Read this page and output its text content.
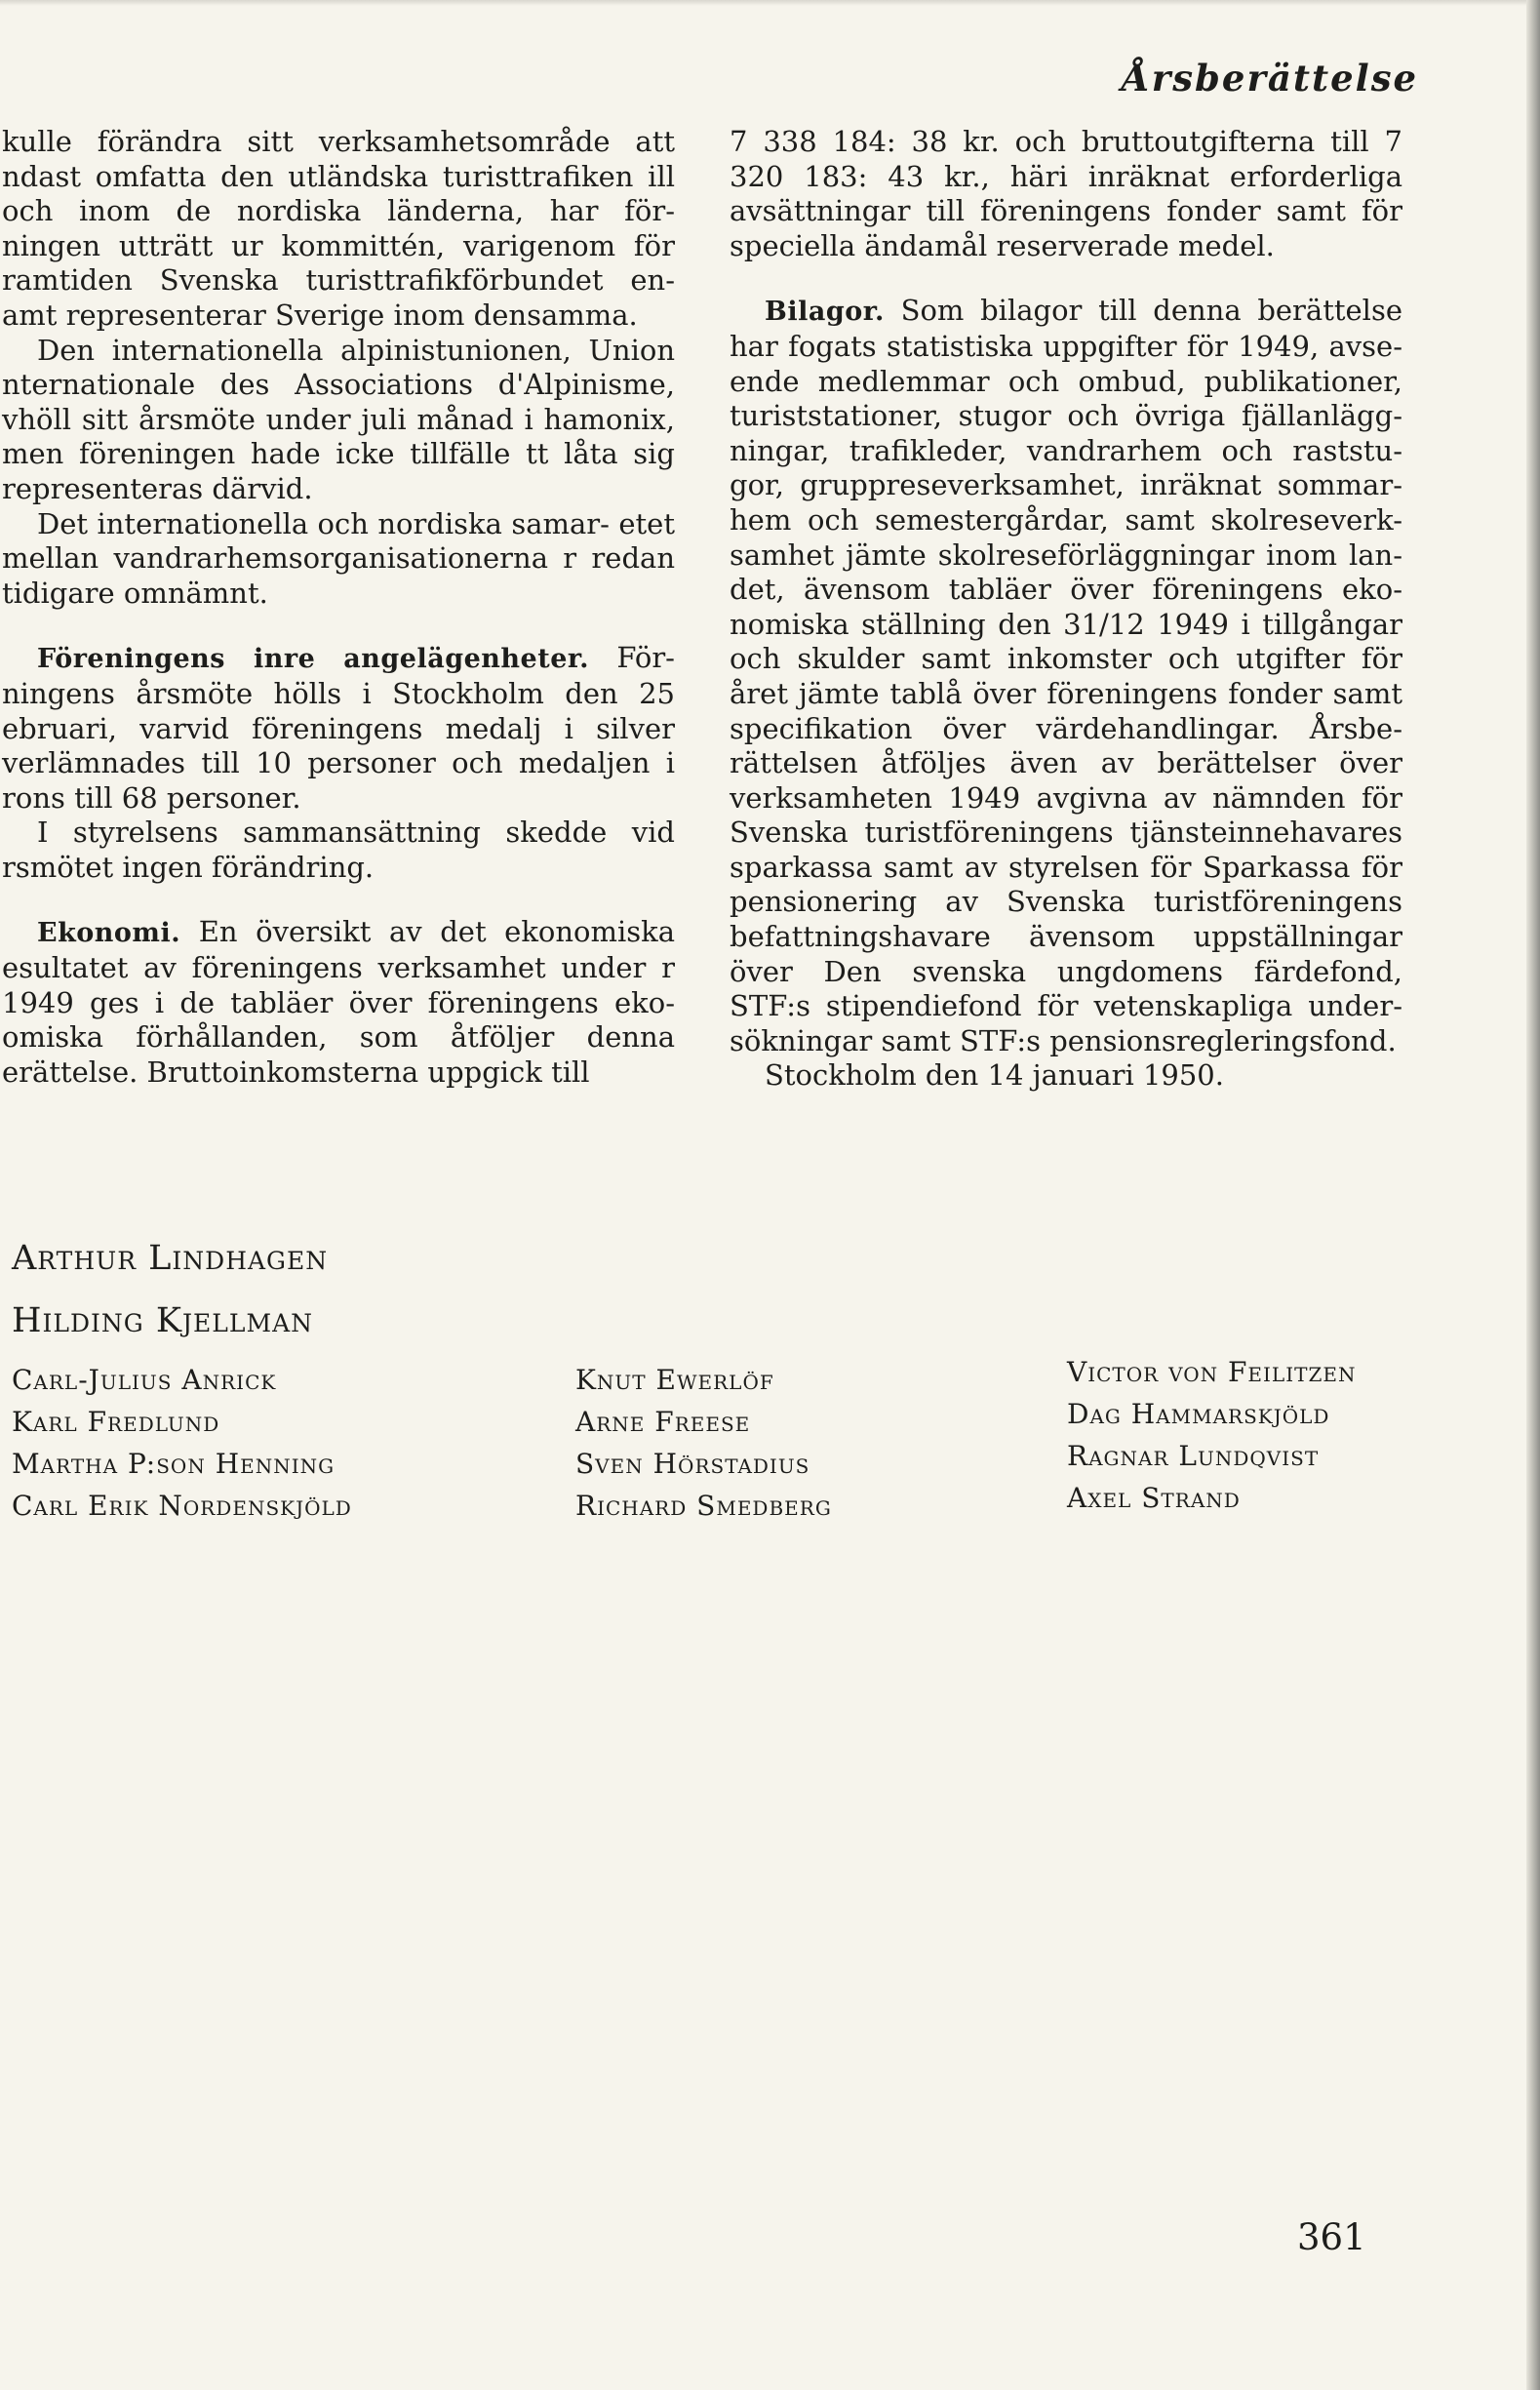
Årsberättelse

kulle förändra sitt verksamhetsområde att ndast omfatta den utländska turisttrafiken ill och inom de nordiska länderna, har för- ningen utträtt ur kommittén, varigenom för ramtiden Svenska turisttrafikförbundet en- amt representerar Sverige inom densamma.

Den internationella alpinistunionen, Union nternationale des Associations d'Alpinisme, vhöll sitt årsmöte under juli månad i hamonix, men föreningen hade icke tillfälle tt låta sig representeras därvid.

Det internationella och nordiska samar- etet mellan vandrarhemsorganisationerna r redan tidigare omnämnt.

Föreningens inre angelägenheter. För- ningens årsmöte hölls i Stockholm den 25 ebruari, varvid föreningens medalj i silver verlämnades till 10 personer och medaljen i rons till 68 personer.

I styrelsens sammansättning skedde vid rsmötet ingen förändring.

Ekonomi. En översikt av det ekonomiska esultatet av föreningens verksamhet under r 1949 ges i de tabläer över föreningens eko- omiska förhållanden, som åtföljer denna erättelse. Bruttoinkomsterna uppgick till

7 338 184: 38 kr. och bruttoutgifterna till 7 320 183: 43 kr., häri inräknat erforderliga avsättningar till föreningens fonder samt för speciella ändamål reserverade medel.

Bilagor. Som bilagor till denna berättelse har fogats statistiska uppgifter för 1949, avse- ende medlemmar och ombud, publikationer, turiststationer, stugor och övriga fjällanlägg- ningar, trafikleder, vandrarhem och raststu- gor, gruppreseverksamhet, inräknat sommar- hem och semestergårdar, samt skolreseverk- samhet jämte skolreseförläggningar inom lan- det, ävensom tabläer över föreningens eko- nomiska ställning den 31/12 1949 i tillgångar och skulder samt inkomster och utgifter för året jämte tablå över föreningens fonder samt specifikation över värdehandlingar. Årsbe- rättelsen åtföljes även av berättelser över verksamheten 1949 avgivna av nämnden för Svenska turistföreningens tjänsteinnehavares sparkassa samt av styrelsen för Sparkassa för pensionering av Svenska turistföreningens befattningshavare ävensom uppställningar över Den svenska ungdomens färdefond, STF:s stipendiefond för vetenskapliga under- sökningar samt STF:s pensionsregleringsfond.

Stockholm den 14 januari 1950.

Arthur Lindhagen
Hilding Kjellman
Carl-Julius Anrick
Karl Fredlund
Martha P:son Henning
Carl Erik Nordenskjöld
Knut Ewerlöf
Arne Freese
Sven Hörstadius
Richard Smedberg
Victor von Feilitzen
Dag Hammarskjöld
Ragnar Lundqvist
Axel Strand
361
